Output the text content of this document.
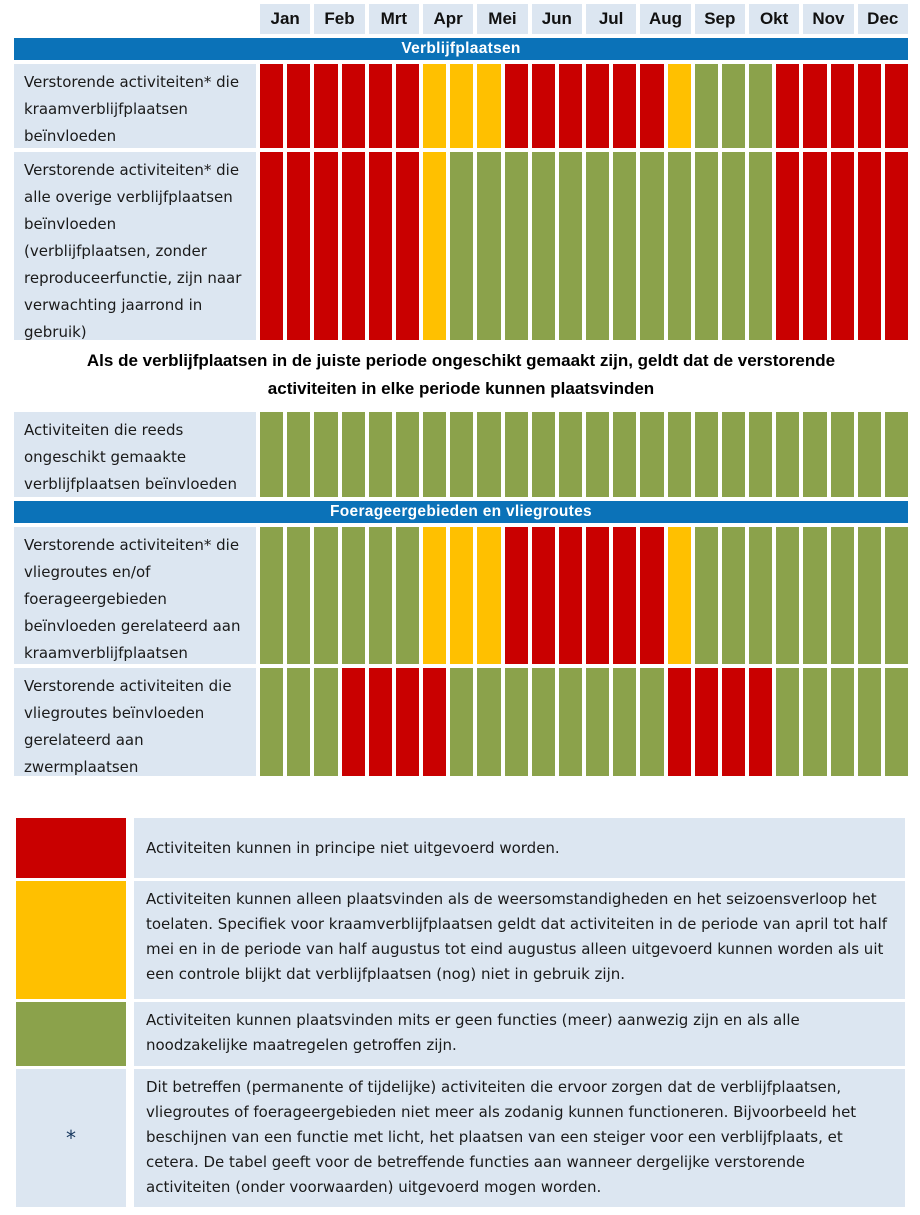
Jan	Feb	Mrt	Apr	Mei	Jun	Jul	Aug	Sep	Okt	Nov	Dec
Verblijfplaatsen
Verstorende activiteiten* die kraamverblijfplaatsen beïnvloeden
Verstorende activiteiten* die alle overige verblijfplaatsen beïnvloeden (verblijfplaatsen, zonder reproduceerfunctie, zijn naar verwachting jaarrond in gebruik)
Als de verblijfplaatsen in de juiste periode ongeschikt gemaakt zijn, geldt dat de verstorende activiteiten in elke periode kunnen plaatsvinden
Activiteiten die reeds ongeschikt gemaakte verblijfplaatsen beïnvloeden
Foerageergebieden en vliegroutes
Verstorende activiteiten* die vliegroutes en/of foerageergebieden beïnvloeden gerelateerd aan kraamverblijfplaatsen
Verstorende activiteiten die vliegroutes beïnvloeden gerelateerd aan zwermplaatsen
Activiteiten kunnen in principe niet uitgevoerd worden.
Activiteiten kunnen alleen plaatsvinden als de weersomstandigheden en het seizoensverloop het toelaten. Specifiek voor kraamverblijfplaatsen geldt dat activiteiten in de periode van april tot half mei en in de periode van half augustus tot eind augustus alleen uitgevoerd kunnen worden als uit een controle blijkt dat verblijfplaatsen (nog) niet in gebruik zijn.
Activiteiten kunnen plaatsvinden mits er geen functies (meer) aanwezig zijn en als alle noodzakelijke maatregelen getroffen zijn.
*
Dit betreffen (permanente of tijdelijke) activiteiten die ervoor zorgen dat de verblijfplaatsen, vliegroutes of foerageergebieden niet meer als zodanig kunnen functioneren. Bijvoorbeeld het beschijnen van een functie met licht, het plaatsen van een steiger voor een verblijfplaats, et cetera. De tabel geeft voor de betreffende functies aan wanneer dergelijke verstorende activiteiten (onder voorwaarden) uitgevoerd mogen worden.
